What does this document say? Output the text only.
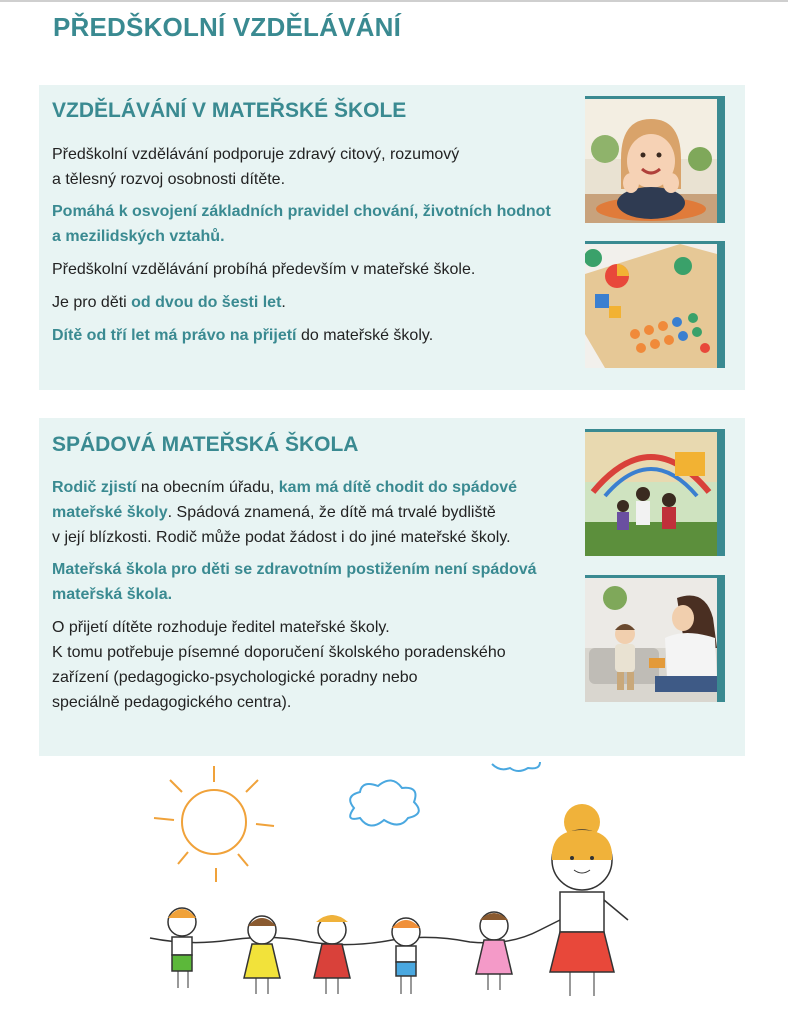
PŘEDŠKOLNÍ VZDĚLÁVÁNÍ
VZDĚLÁVÁNÍ V MATEŘSKÉ ŠKOLE

Předškolní vzdělávání podporuje zdravý citový, rozumový
a tělesný rozvoj osobnosti dítěte.

Pomáhá k osvojení základních pravidel chování, životních hodnot
a mezilidských vztahů.

Předškolní vzdělávání probíhá především v mateřské škole.

Je pro děti od dvou do šesti let.

Dítě od tří let má právo na přijetí do mateřské školy.

SPÁDOVÁ MATEŘSKÁ ŠKOLA

Rodič zjistí na obecním úřadu, kam má dítě chodit do spádové
mateřské školy. Spádová znamená, že dítě má trvalé bydliště
v její blízkosti. Rodič může podat žádost i do jiné mateřské školy.

Mateřská škola pro děti se zdravotním postižením není spádová
mateřská škola.

O přijetí dítěte rozhoduje ředitel mateřské školy.
K tomu potřebuje písemné doporučení školského poradenského
zařízení (pedagogicko-psychologické poradny nebo
speciálně pedagogického centra).
